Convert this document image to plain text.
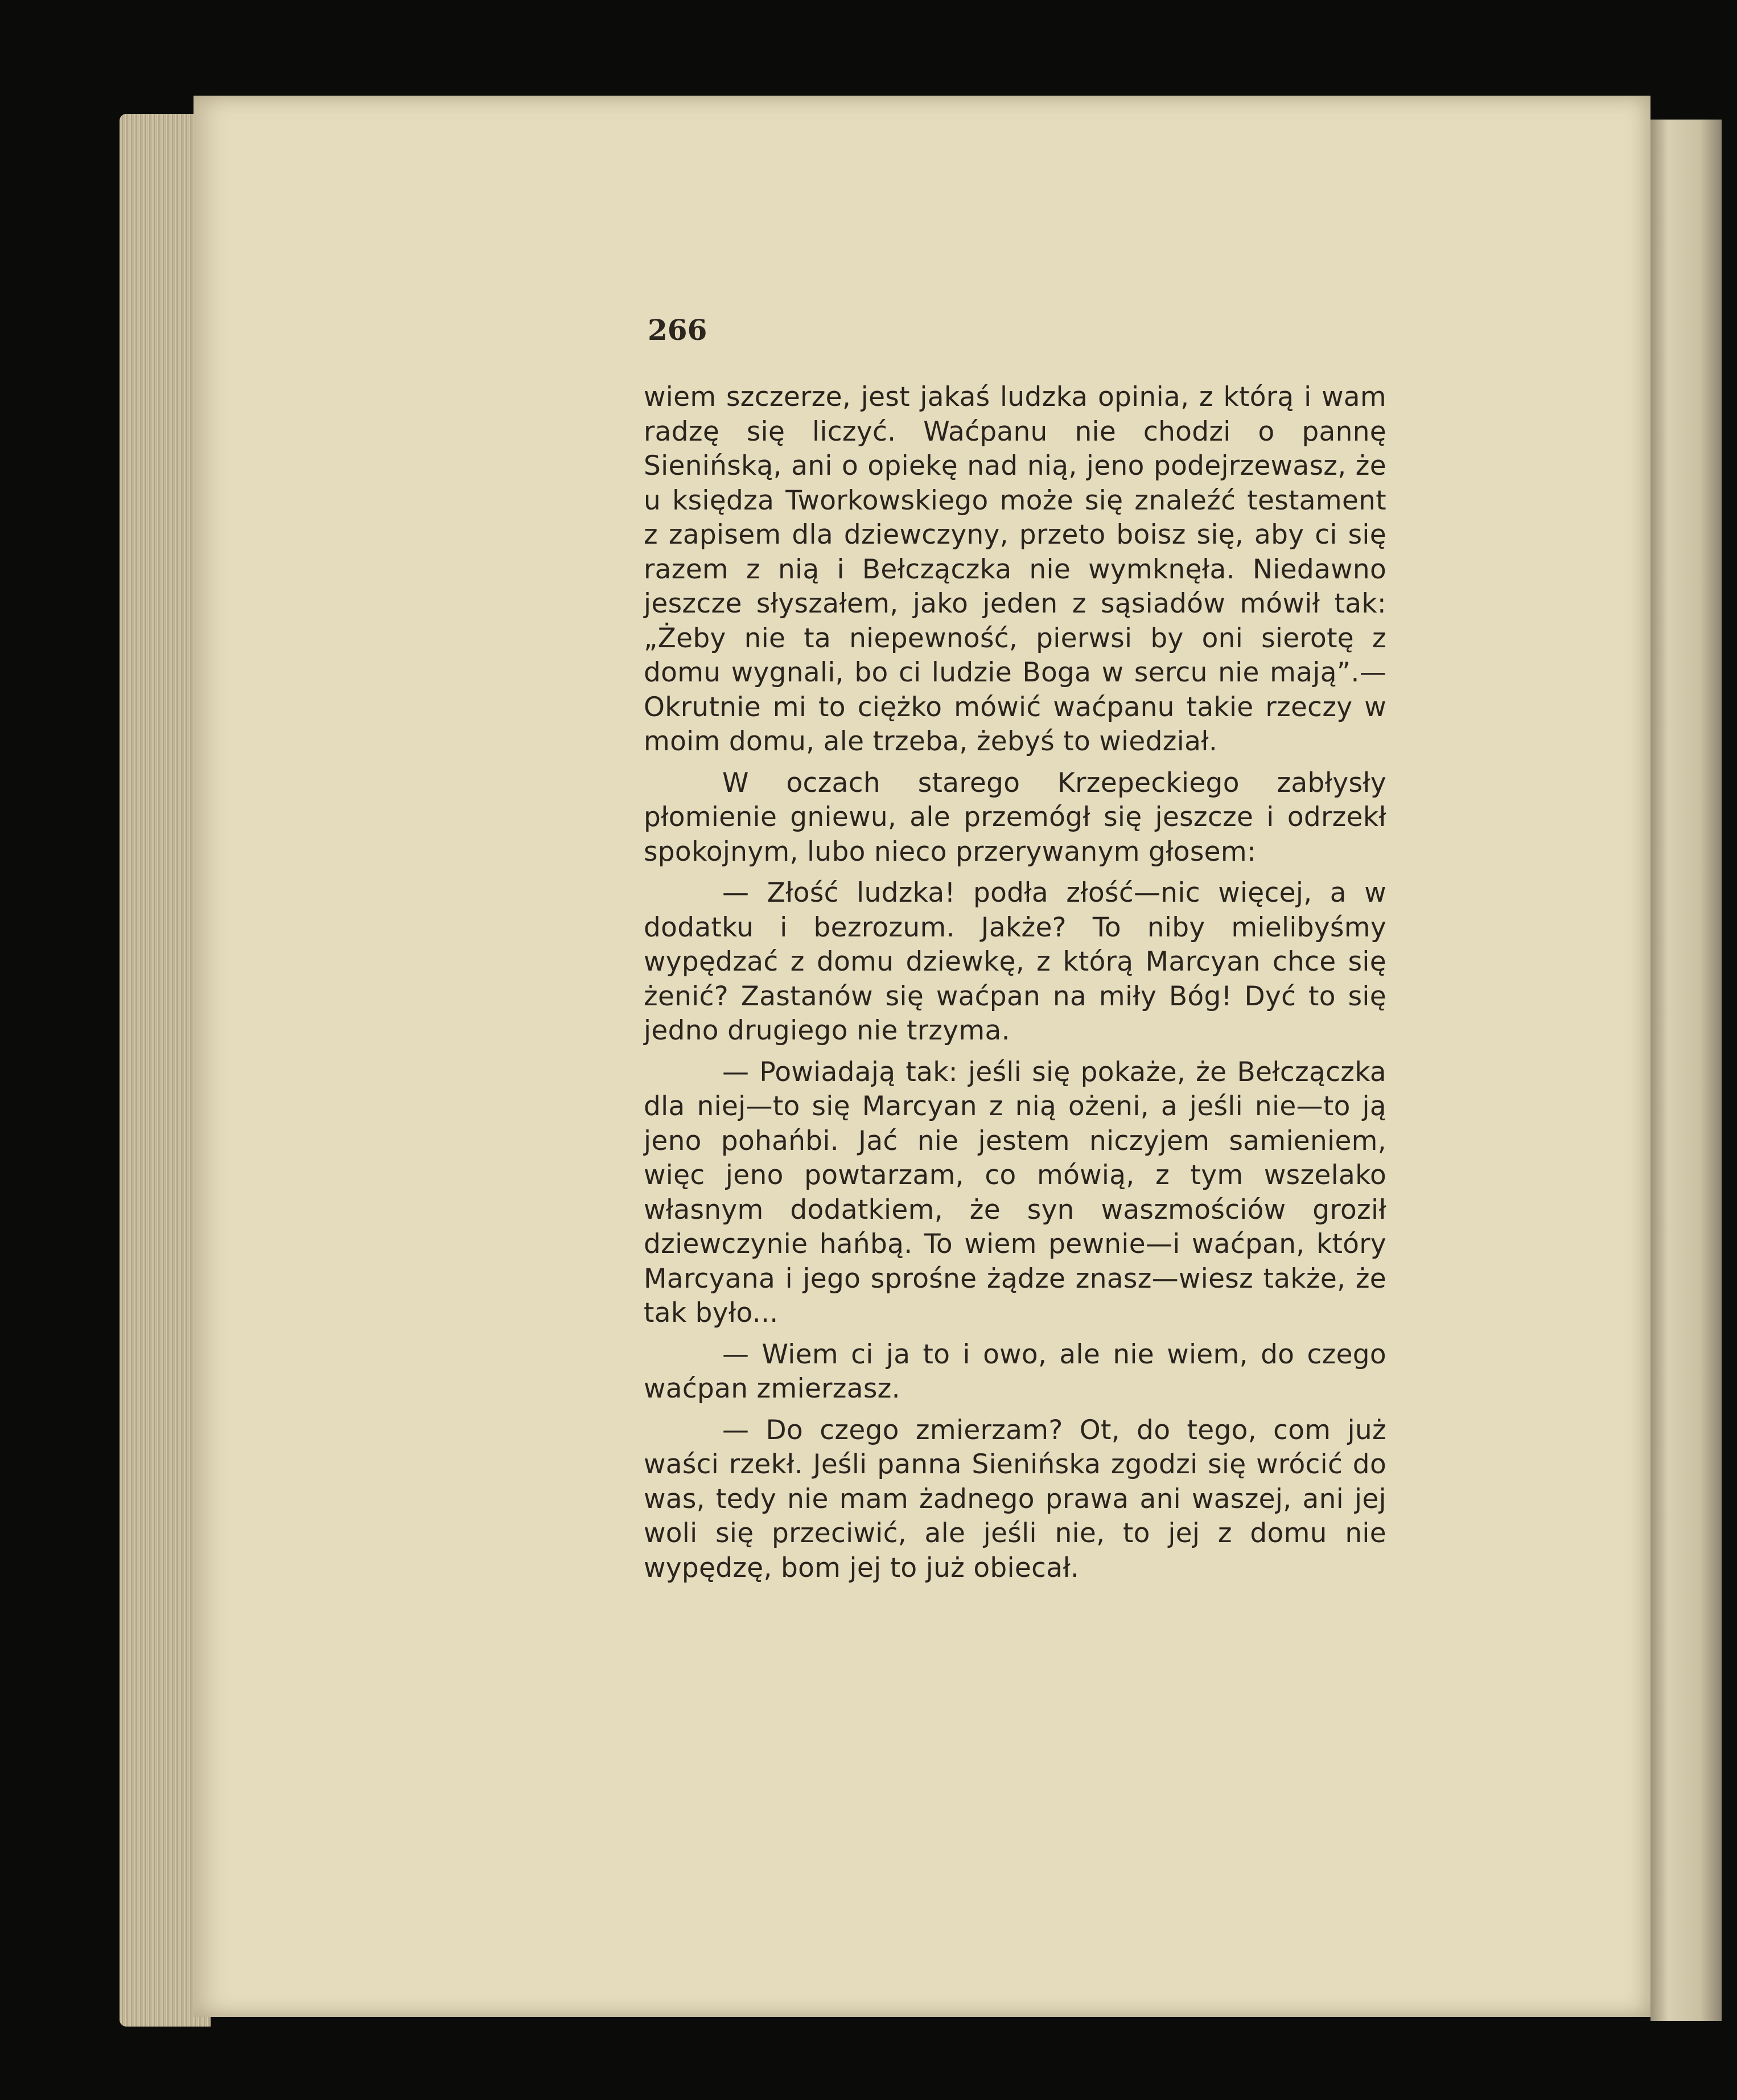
266

wiem szczerze, jest jakaś ludzka opinia, z którą i wam radzę się liczyć. Waćpanu nie chodzi o pannę Sienińską, ani o opiekę nad nią, jeno podejrzewasz, że u księdza Tworkowskiego może się znaleźć testament z zapisem dla dziewczyny, przeto boisz się, aby ci się razem z nią i Bełczączka nie wymknęła. Niedawno jeszcze słyszałem, jako jeden z sąsiadów mówił tak: „Żeby nie ta niepewność, pierwsi by oni sierotę z domu wygnali, bo ci ludzie Boga w sercu nie mają”.—Okrutnie mi to ciężko mówić waćpanu takie rzeczy w moim domu, ale trzeba, żebyś to wiedział.

W oczach starego Krzepeckiego zabłysły płomienie gniewu, ale przemógł się jeszcze i odrzekł spokojnym, lubo nieco przerywanym głosem:

— Złość ludzka! podła złość—nic więcej, a w dodatku i bezrozum. Jakże? To niby mielibyśmy wypędzać z domu dziewkę, z którą Marcyan chce się żenić? Zastanów się waćpan na miły Bóg! Dyć to się jedno drugiego nie trzyma.

— Powiadają tak: jeśli się pokaże, że Bełczączka dla niej—to się Marcyan z nią ożeni, a jeśli nie—to ją jeno pohańbi. Jać nie jestem niczyjem samieniem, więc jeno powtarzam, co mówią, z tym wszelako własnym dodatkiem, że syn waszmościów groził dziewczynie hańbą. To wiem pewnie—i waćpan, który Marcyana i jego sprośne żądze znasz—wiesz także, że tak było...

— Wiem ci ja to i owo, ale nie wiem, do czego waćpan zmierzasz.

— Do czego zmierzam? Ot, do tego, com już waści rzekł. Jeśli panna Sienińska zgodzi się wrócić do was, tedy nie mam żadnego prawa ani waszej, ani jej woli się przeciwić, ale jeśli nie, to jej z domu nie wypędzę, bom jej to już obiecał.
